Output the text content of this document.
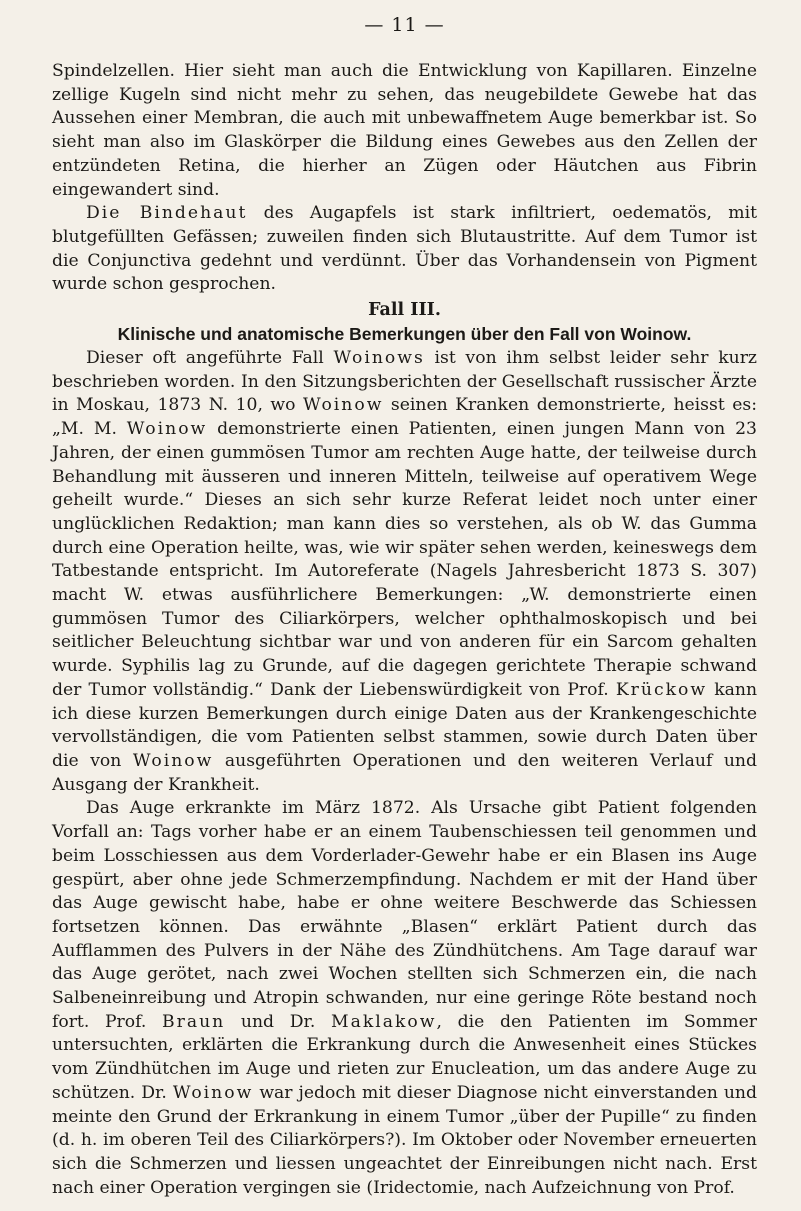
— 11 —

Spindelzellen. Hier sieht man auch die Entwicklung von Kapillaren. Einzelne zellige Kugeln sind nicht mehr zu sehen, das neugebildete Gewebe hat das Aussehen einer Membran, die auch mit unbewaffnetem Auge bemerkbar ist. So sieht man also im Glaskörper die Bildung eines Gewebes aus den Zellen der entzündeten Retina, die hierher an Zügen oder Häutchen aus Fibrin eingewandert sind.

Die Bindehaut des Augapfels ist stark infiltriert, oedematös, mit blutgefüllten Gefässen; zuweilen finden sich Blutaustritte. Auf dem Tumor ist die Conjunctiva gedehnt und verdünnt. Über das Vorhandensein von Pigment wurde schon gesprochen.

Fall III.
Klinische und anatomische Bemerkungen über den Fall von Woinow.

Dieser oft angeführte Fall Woinows ist von ihm selbst leider sehr kurz beschrieben worden. In den Sitzungsberichten der Gesellschaft russischer Ärzte in Moskau, 1873 N. 10, wo Woinow seinen Kranken demonstrierte, heisst es: „M. M. Woinow demonstrierte einen Patienten, einen jungen Mann von 23 Jahren, der einen gummösen Tumor am rechten Auge hatte, der teilweise durch Behandlung mit äusseren und inneren Mitteln, teilweise auf operativem Wege geheilt wurde.“ Dieses an sich sehr kurze Referat leidet noch unter einer unglücklichen Redaktion; man kann dies so verstehen, als ob W. das Gumma durch eine Operation heilte, was, wie wir später sehen werden, keineswegs dem Tatbestande entspricht. Im Autoreferate (Nagels Jahresbericht 1873 S. 307) macht W. etwas ausführlichere Bemerkungen: „W. demonstrierte einen gummösen Tumor des Ciliarkörpers, welcher ophthalmoskopisch und bei seitlicher Beleuchtung sichtbar war und von anderen für ein Sarcom gehalten wurde. Syphilis lag zu Grunde, auf die dagegen gerichtete Therapie schwand der Tumor vollständig.“ Dank der Liebenswürdigkeit von Prof. Krückow kann ich diese kurzen Bemerkungen durch einige Daten aus der Krankengeschichte vervollständigen, die vom Patienten selbst stammen, sowie durch Daten über die von Woinow ausgeführten Operationen und den weiteren Verlauf und Ausgang der Krankheit.

Das Auge erkrankte im März 1872. Als Ursache gibt Patient folgenden Vorfall an: Tags vorher habe er an einem Taubenschiessen teil genommen und beim Losschiessen aus dem Vorderlader-Gewehr habe er ein Blasen ins Auge gespürt, aber ohne jede Schmerzempfindung. Nachdem er mit der Hand über das Auge gewischt habe, habe er ohne weitere Beschwerde das Schiessen fortsetzen können. Das erwähnte „Blasen“ erklärt Patient durch das Aufflammen des Pulvers in der Nähe des Zündhütchens. Am Tage darauf war das Auge gerötet, nach zwei Wochen stellten sich Schmerzen ein, die nach Salbeneinreibung und Atropin schwanden, nur eine geringe Röte bestand noch fort. Prof. Braun und Dr. Maklakow, die den Patienten im Sommer untersuchten, erklärten die Erkrankung durch die Anwesenheit eines Stückes vom Zündhütchen im Auge und rieten zur Enucleation, um das andere Auge zu schützen. Dr. Woinow war jedoch mit dieser Diagnose nicht einverstanden und meinte den Grund der Erkrankung in einem Tumor „über der Pupille“ zu finden (d. h. im oberen Teil des Ciliarkörpers?). Im Oktober oder November erneuerten sich die Schmerzen und liessen ungeachtet der Einreibungen nicht nach. Erst nach einer Operation vergingen sie (Iridectomie, nach Aufzeichnung von Prof.
